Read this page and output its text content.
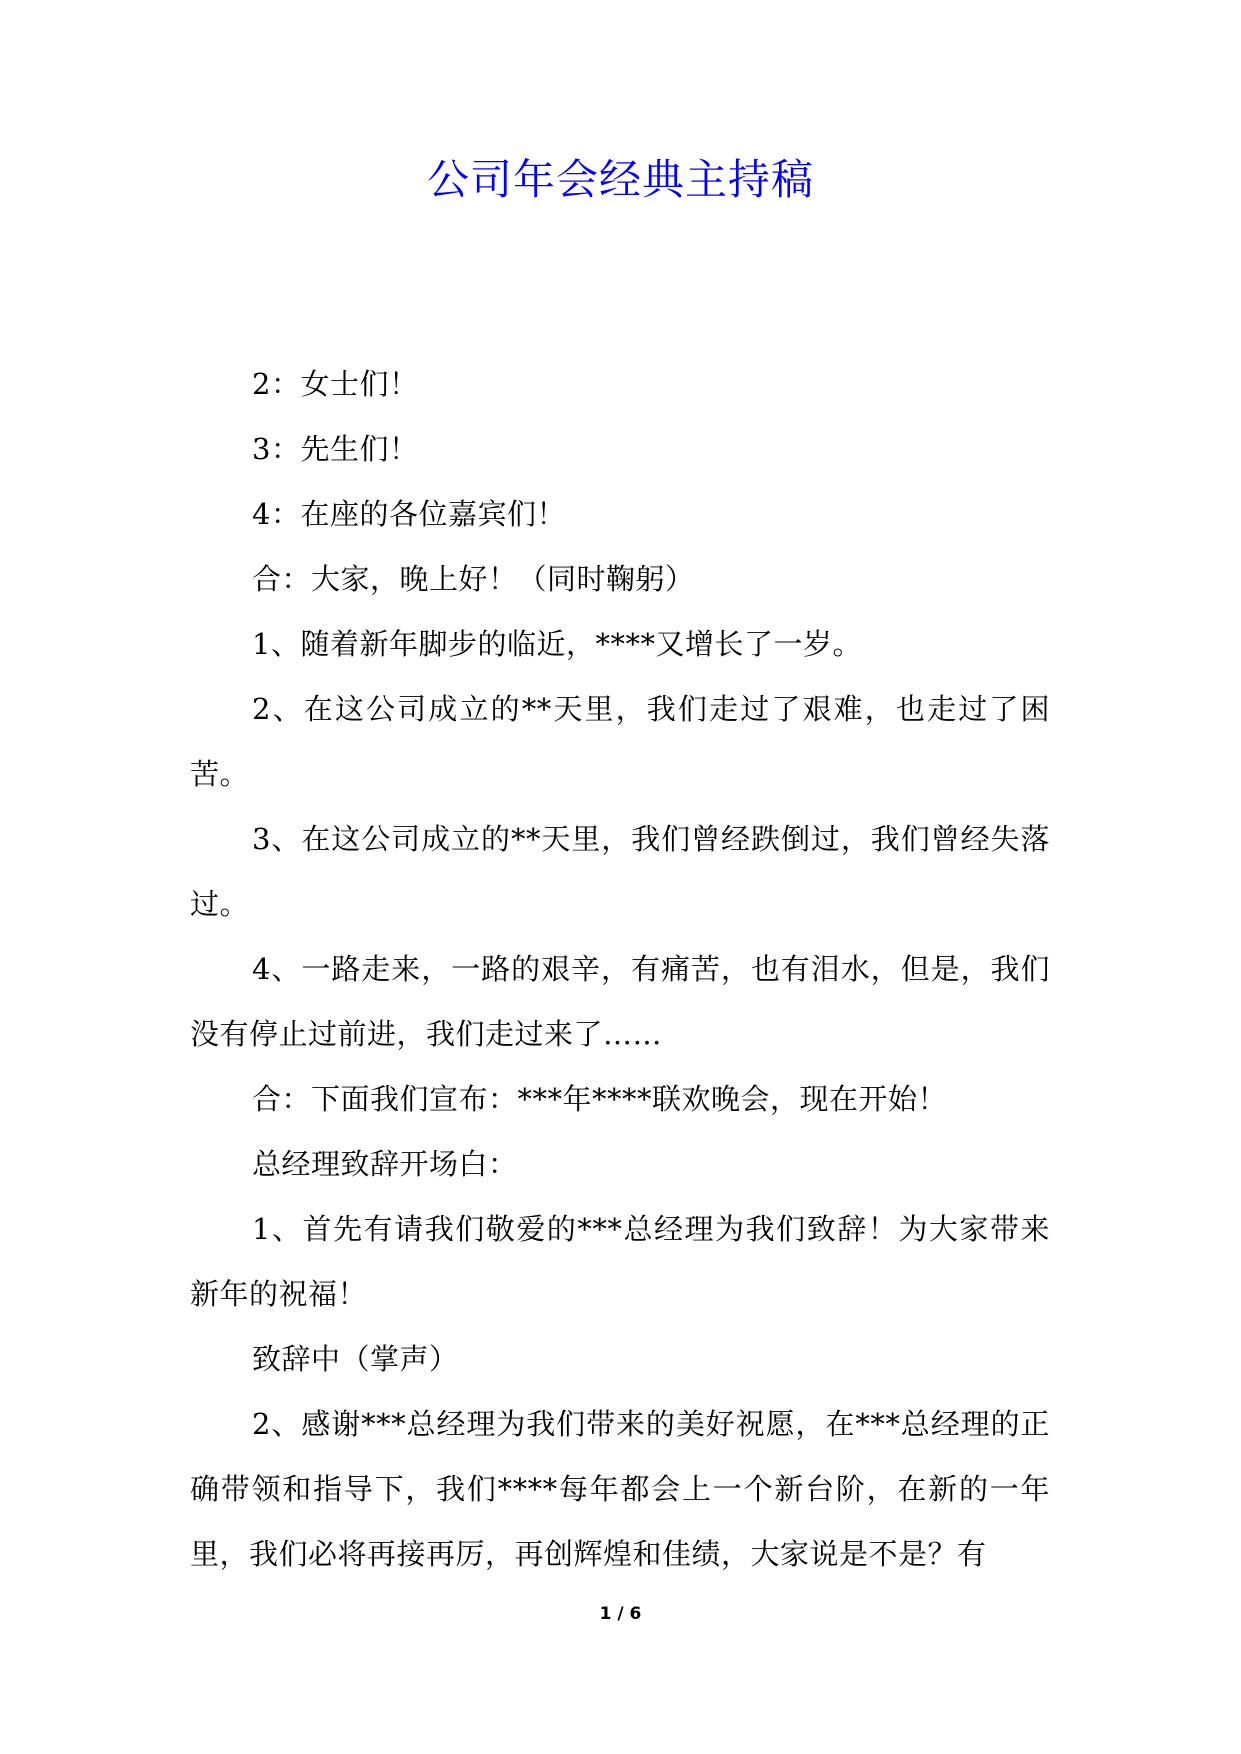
公司年会经典主持稿

2：女士们！

3：先生们！

4：在座的各位嘉宾们！

合：大家，晚上好！（同时鞠躬）

1、随着新年脚步的临近，****又增长了一岁。

2、在这公司成立的**天里，我们走过了艰难，也走过了困苦。

3、在这公司成立的**天里，我们曾经跌倒过，我们曾经失落过。

4、一路走来，一路的艰辛，有痛苦，也有泪水，但是，我们没有停止过前进，我们走过来了……

合：下面我们宣布：***年****联欢晚会，现在开始！

总经理致辞开场白：

1、首先有请我们敬爱的***总经理为我们致辞！为大家带来新年的祝福！

致辞中（掌声）

2、感谢***总经理为我们带来的美好祝愿，在***总经理的正确带领和指导下，我们****每年都会上一个新台阶，在新的一年里，我们必将再接再厉，再创辉煌和佳绩，大家说是不是？有

1 / 6
